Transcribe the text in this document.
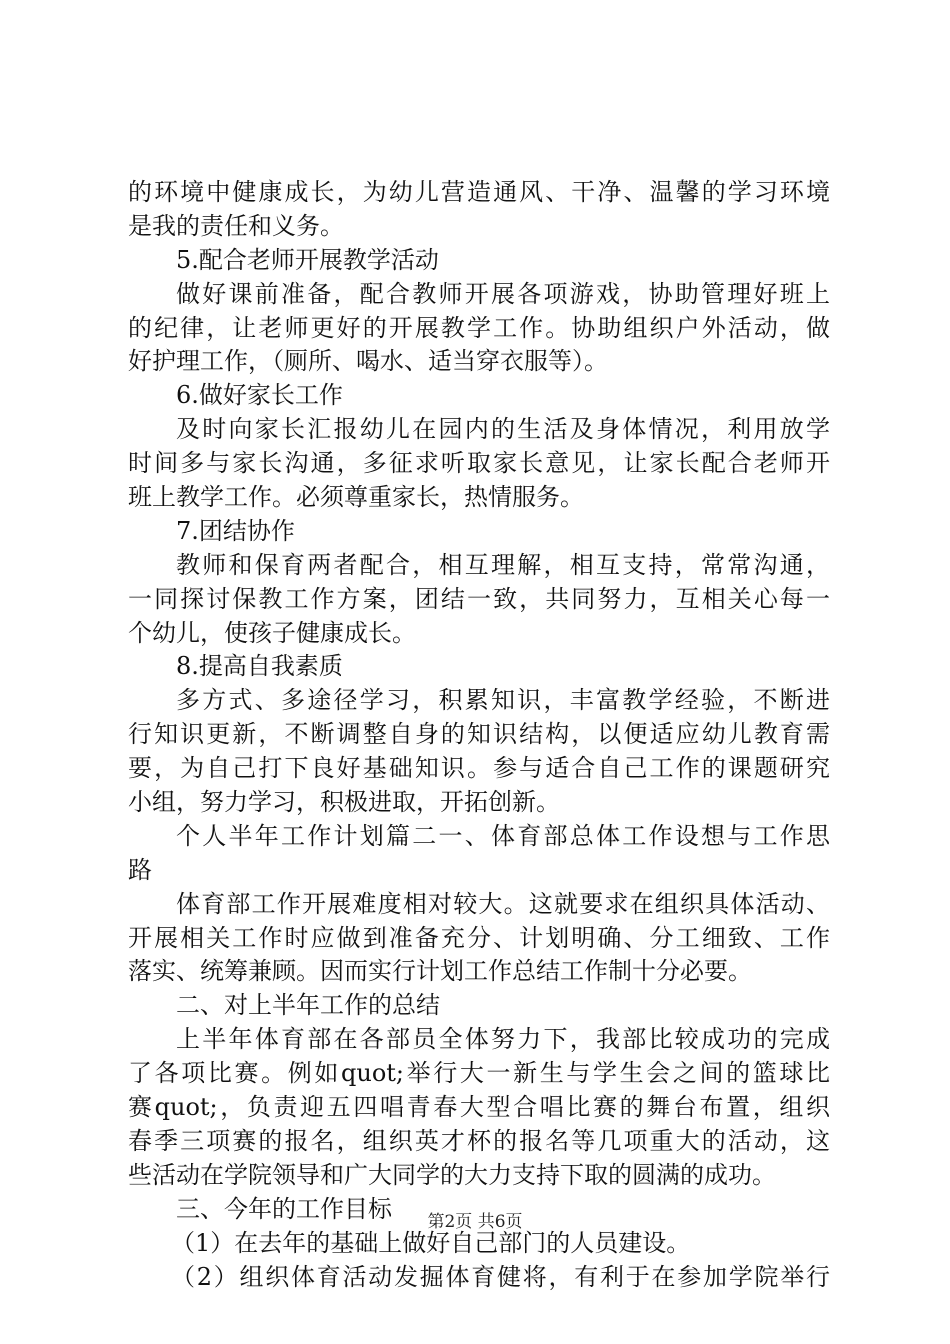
的环境中健康成长，为幼儿营造通风、干净、温馨的学习环境
是我的责任和义务。
5.配合老师开展教学活动
做好课前准备，配合教师开展各项游戏，协助管理好班上
的纪律，让老师更好的开展教学工作。协助组织户外活动，做
好护理工作，（厕所、喝水、适当穿衣服等）。
6.做好家长工作
及时向家长汇报幼儿在园内的生活及身体情况，利用放学
时间多与家长沟通，多征求听取家长意见，让家长配合老师开
班上教学工作。必须尊重家长，热情服务。
7.团结协作
教师和保育两者配合，相互理解，相互支持，常常沟通，
一同探讨保教工作方案，团结一致，共同努力，互相关心每一
个幼儿，使孩子健康成长。
8.提高自我素质
多方式、多途径学习，积累知识，丰富教学经验，不断进
行知识更新，不断调整自身的知识结构，以便适应幼儿教育需
要，为自己打下良好基础知识。参与适合自己工作的课题研究
小组，努力学习，积极进取，开拓创新。
个人半年工作计划篇二一、体育部总体工作设想与工作思
路
体育部工作开展难度相对较大。这就要求在组织具体活动、
开展相关工作时应做到准备充分、计划明确、分工细致、工作
落实、统筹兼顾。因而实行计划工作总结工作制十分必要。
二、对上半年工作的总结
上半年体育部在各部员全体努力下，我部比较成功的完成
了各项比赛。例如quot;举行大一新生与学生会之间的篮球比
赛quot;，负责迎五四唱青春大型合唱比赛的舞台布置，组织
春季三项赛的报名，组织英才杯的报名等几项重大的活动，这
些活动在学院领导和广大同学的大力支持下取的圆满的成功。
三、今年的工作目标
（1）在去年的基础上做好自己部门的人员建设。
（2）组织体育活动发掘体育健将，有利于在参加学院举行
第2页 共6页
